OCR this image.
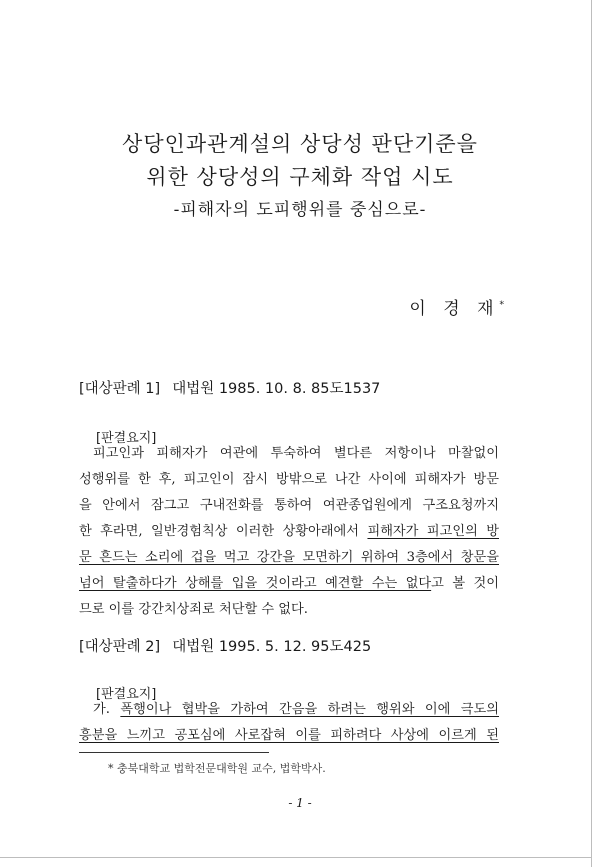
상당인과관계설의 상당성 판단기준을
위한 상당성의 구체화 작업 시도
-피해자의 도피행위를 중심으로-
이 경 재*
[대상판례 1] 대법원 1985. 10. 8. 85도1537
[판결요지]
피고인과 피해자가 여관에 투숙하여 별다른 저항이나 마찰없이
성행위를 한 후, 피고인이 잠시 방밖으로 나간 사이에 피해자가 방문
을 안에서 잠그고 구내전화를 통하여 여관종업원에게 구조요청까지
한 후라면, 일반경험칙상 이러한 상황아래에서 피해자가 피고인의 방
문 흔드는 소리에 겁을 먹고 강간을 모면하기 위하여 3층에서 창문을
넘어 탈출하다가 상해를 입을 것이라고 예견할 수는 없다고 볼 것이
므로 이를 강간치상죄로 처단할 수 없다.
[대상판례 2] 대법원 1995. 5. 12. 95도425
[판결요지]
가. 폭행이나 협박을 가하여 간음을 하려는 행위와 이에 극도의
흥분을 느끼고 공포심에 사로잡혀 이를 피하려다 사상에 이르게 된
* 충북대학교 법학전문대학원 교수, 법학박사.
- 1 -
